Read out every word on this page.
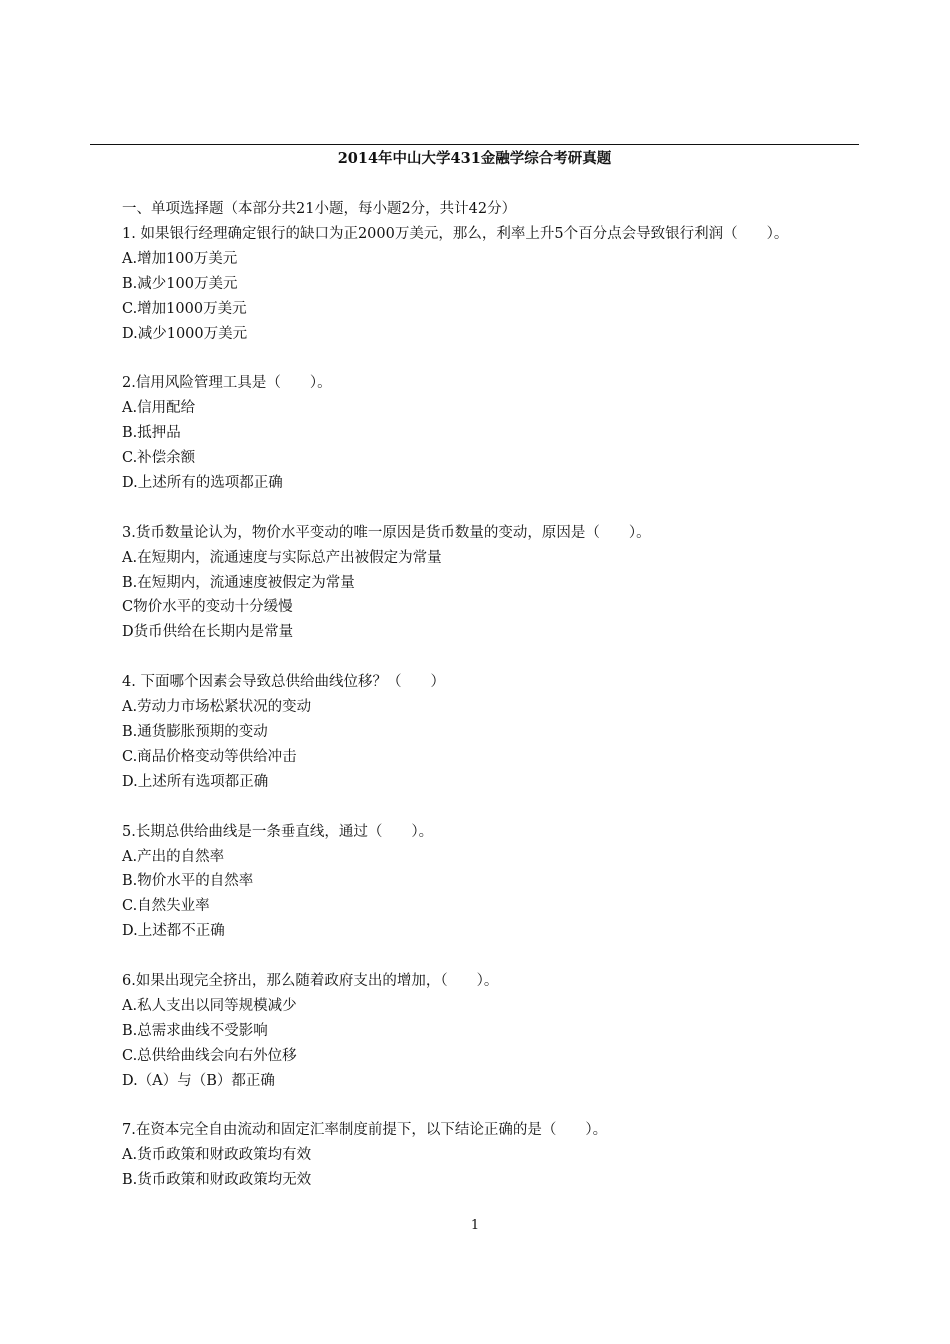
2014年中山大学431金融学综合考研真题
一、单项选择题（本部分共21小题，每小题2分，共计42分）
1. 如果银行经理确定银行的缺口为正2000万美元，那么，利率上升5个百分点会导致银行利润（　　）。
A.增加100万美元
B.减少100万美元
C.增加1000万美元
D.减少1000万美元
2.信用风险管理工具是（　　）。
A.信用配给
B.抵押品
C.补偿余额
D.上述所有的选项都正确
3.货币数量论认为，物价水平变动的唯一原因是货币数量的变动，原因是（　　）。
A.在短期内，流通速度与实际总产出被假定为常量
B.在短期内，流通速度被假定为常量
C物价水平的变动十分缓慢
D货币供给在长期内是常量
4. 下面哪个因素会导致总供给曲线位移？（　　）
A.劳动力市场松紧状况的变动
B.通货膨胀预期的变动
C.商品价格变动等供给冲击
D.上述所有选项都正确
5.长期总供给曲线是一条垂直线，通过（　　）。
A.产出的自然率
B.物价水平的自然率
C.自然失业率
D.上述都不正确
6.如果出现完全挤出，那么随着政府支出的增加，（　　）。
A.私人支出以同等规模减少
B.总需求曲线不受影响
C.总供给曲线会向右外位移
D.（A）与（B）都正确
7.在资本完全自由流动和固定汇率制度前提下，以下结论正确的是（　　）。
A.货币政策和财政政策均有效
B.货币政策和财政政策均无效
1
